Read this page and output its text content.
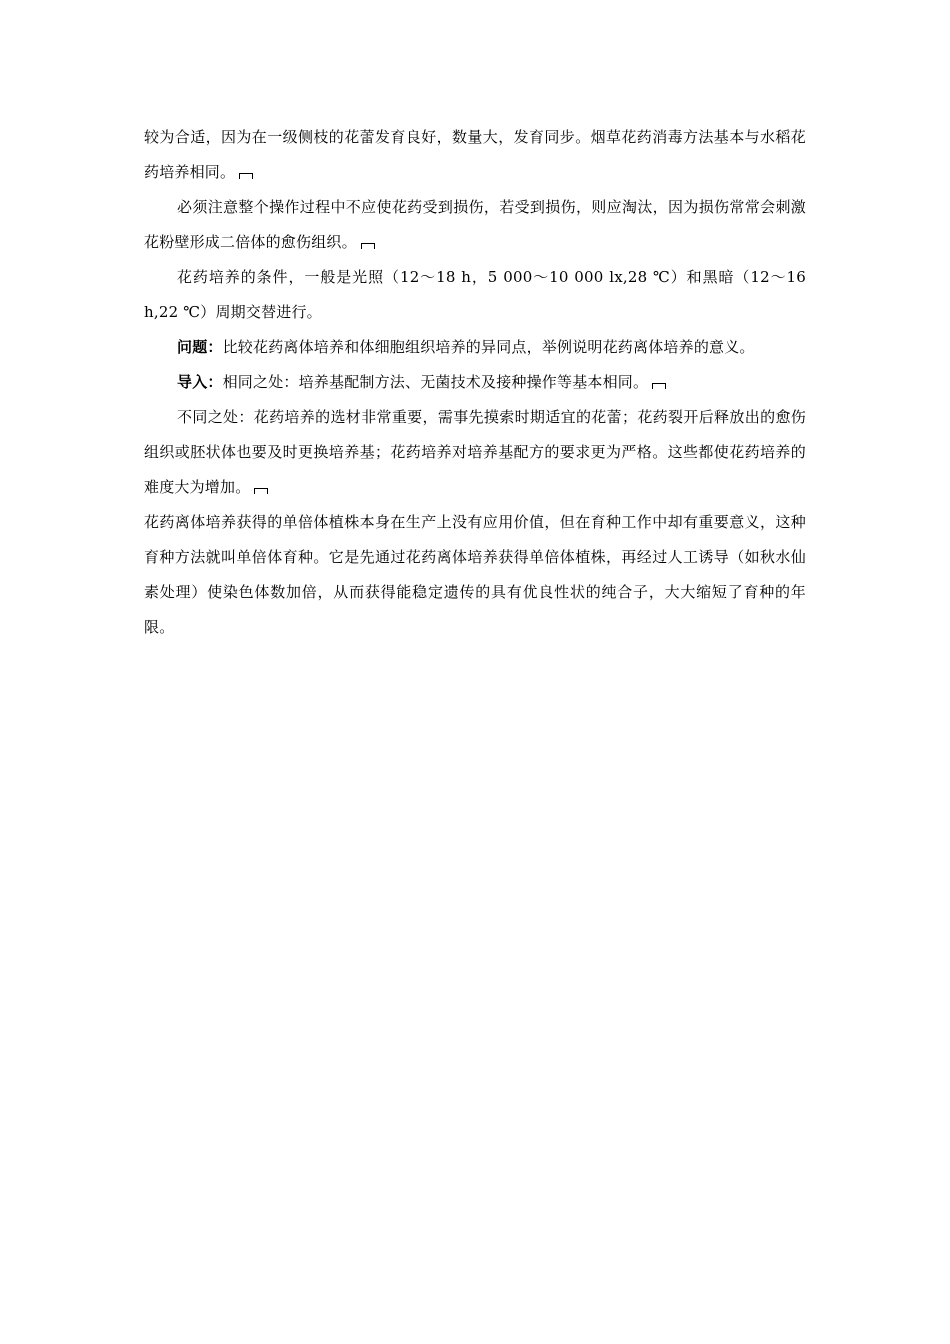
较为合适，因为在一级侧枝的花蕾发育良好，数量大，发育同步。烟草花药消毒方法基本与水稻花药培养相同。

必须注意整个操作过程中不应使花药受到损伤，若受到损伤，则应淘汰，因为损伤常常会刺激花粉壁形成二倍体的愈伤组织。

花药培养的条件，一般是光照（12～18 h，5 000～10 000 lx,28 ℃）和黑暗（12～16 h,22 ℃）周期交替进行。

问题：比较花药离体培养和体细胞组织培养的异同点，举例说明花药离体培养的意义。

导入：相同之处：培养基配制方法、无菌技术及接种操作等基本相同。

不同之处：花药培养的选材非常重要，需事先摸索时期适宜的花蕾；花药裂开后释放出的愈伤组织或胚状体也要及时更换培养基；花药培养对培养基配方的要求更为严格。这些都使花药培养的难度大为增加。

花药离体培养获得的单倍体植株本身在生产上没有应用价值，但在育种工作中却有重要意义，这种育种方法就叫单倍体育种。它是先通过花药离体培养获得单倍体植株，再经过人工诱导（如秋水仙素处理）使染色体数加倍，从而获得能稳定遗传的具有优良性状的纯合子，大大缩短了育种的年限。
